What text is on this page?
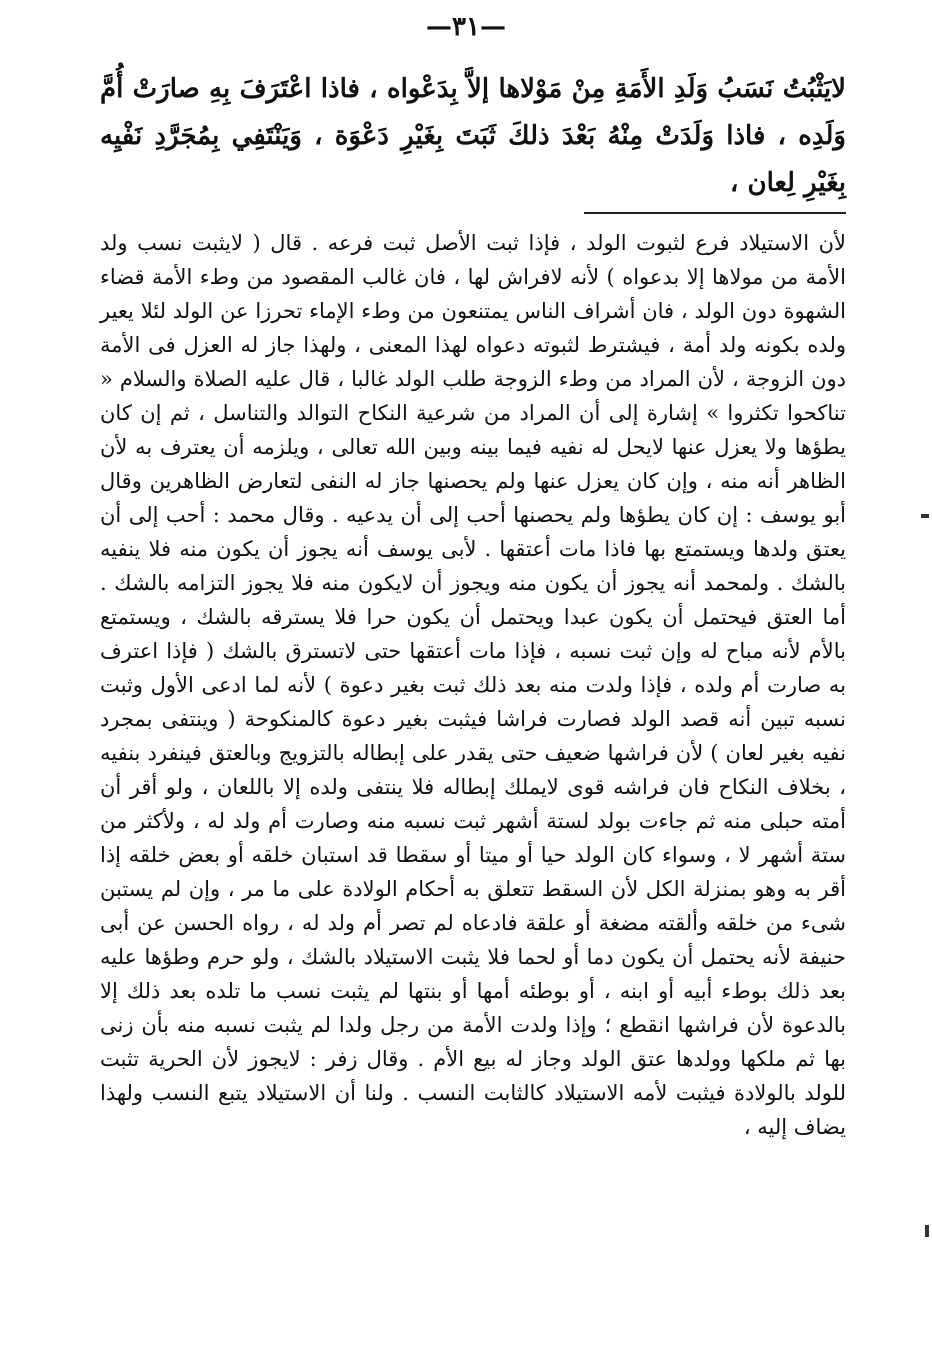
—٣١—
لايَثْبُتُ نَسَبُ وَلَدِ الأَمَةِ مِنْ مَوْلاها إلاَّ بِدَعْواه ، فاذا اعْتَرَفَ بِهِ صارَتْ أُمَّ وَلَدِه ، فاذا وَلَدَتْ مِنْهُ بَعْدَ ذلكَ ثَبَتَ بِغَيْرِ دَعْوَة ، وَيَنْتَفِي بِمُجَرَّدِ نَفْيِه بِغَيْرِ لِعان ،

لأن الاستيلاد فرع لثبوت الولد ، فإذا ثبت الأصل ثبت فرعه . قال ( لايثبت نسب ولد الأمة من مولاها إلا بدعواه ) لأنه لافراش لها ، فان غالب المقصود من وطء الأمة قضاء الشهوة دون الولد ، فان أشراف الناس يمتنعون من وطء الإماء تحرزا عن الولد لئلا يعير ولده بكونه ولد أمة ، فيشترط لثبوته دعواه لهذا المعنى ، ولهذا جاز له العزل فى الأمة دون الزوجة ، لأن المراد من وطء الزوجة طلب الولد غالبا ، قال عليه الصلاة والسلام « تناكحوا تكثروا » إشارة إلى أن المراد من شرعية النكاح التوالد والتناسل ، ثم إن كان يطؤها ولا يعزل عنها لايحل له نفيه فيما بينه وبين الله تعالى ، ويلزمه أن يعترف به لأن الظاهر أنه منه ، وإن كان يعزل عنها ولم يحصنها جاز له النفى لتعارض الظاهرين وقال أبو يوسف : إن كان يطؤها ولم يحصنها أحب إلى أن يدعيه . وقال محمد : أحب إلى أن يعتق ولدها ويستمتع بها فاذا مات أعتقها . لأبى يوسف أنه يجوز أن يكون منه فلا ينفيه بالشك . ولمحمد أنه يجوز أن يكون منه ويجوز أن لايكون منه فلا يجوز التزامه بالشك . أما العتق فيحتمل أن يكون عبدا ويحتمل أن يكون حرا فلا يسترقه بالشك ، ويستمتع بالأم لأنه مباح له وإن ثبت نسبه ، فإذا مات أعتقها حتى لاتسترق بالشك ( فإذا اعترف به صارت أم ولده ، فإذا ولدت منه بعد ذلك ثبت بغير دعوة ) لأنه لما ادعى الأول وثبت نسبه تبين أنه قصد الولد فصارت فراشا فيثبت بغير دعوة كالمنكوحة ( وينتفى بمجرد نفيه بغير لعان ) لأن فراشها ضعيف حتى يقدر على إبطاله بالتزويج وبالعتق فينفرد بنفيه ، بخلاف النكاح فان فراشه قوى لايملك إبطاله فلا ينتفى ولده إلا باللعان ، ولو أقر أن أمته حبلى منه ثم جاءت بولد لستة أشهر ثبت نسبه منه وصارت أم ولد له ، ولأكثر من ستة أشهر لا ، وسواء كان الولد حيا أو ميتا أو سقطا قد استبان خلقه أو بعض خلقه إذا أقر به وهو بمنزلة الكل لأن السقط تتعلق به أحكام الولادة على ما مر ، وإن لم يستبن شىء من خلقه وألقته مضغة أو علقة فادعاه لم تصر أم ولد له ، رواه الحسن عن أبى حنيفة لأنه يحتمل أن يكون دما أو لحما فلا يثبت الاستيلاد بالشك ، ولو حرم وطؤها عليه بعد ذلك بوطء أبيه أو ابنه ، أو بوطئه أمها أو بنتها لم يثبت نسب ما تلده بعد ذلك إلا بالدعوة لأن فراشها انقطع ؛ وإذا ولدت الأمة من رجل ولدا لم يثبت نسبه منه بأن زنى بها ثم ملكها وولدها عتق الولد وجاز له بيع الأم . وقال زفر : لايجوز لأن الحرية تثبت للولد بالولادة فيثبت لأمه الاستيلاد كالثابت النسب . ولنا أن الاستيلاد يتبع النسب ولهذا يضاف إليه ،
